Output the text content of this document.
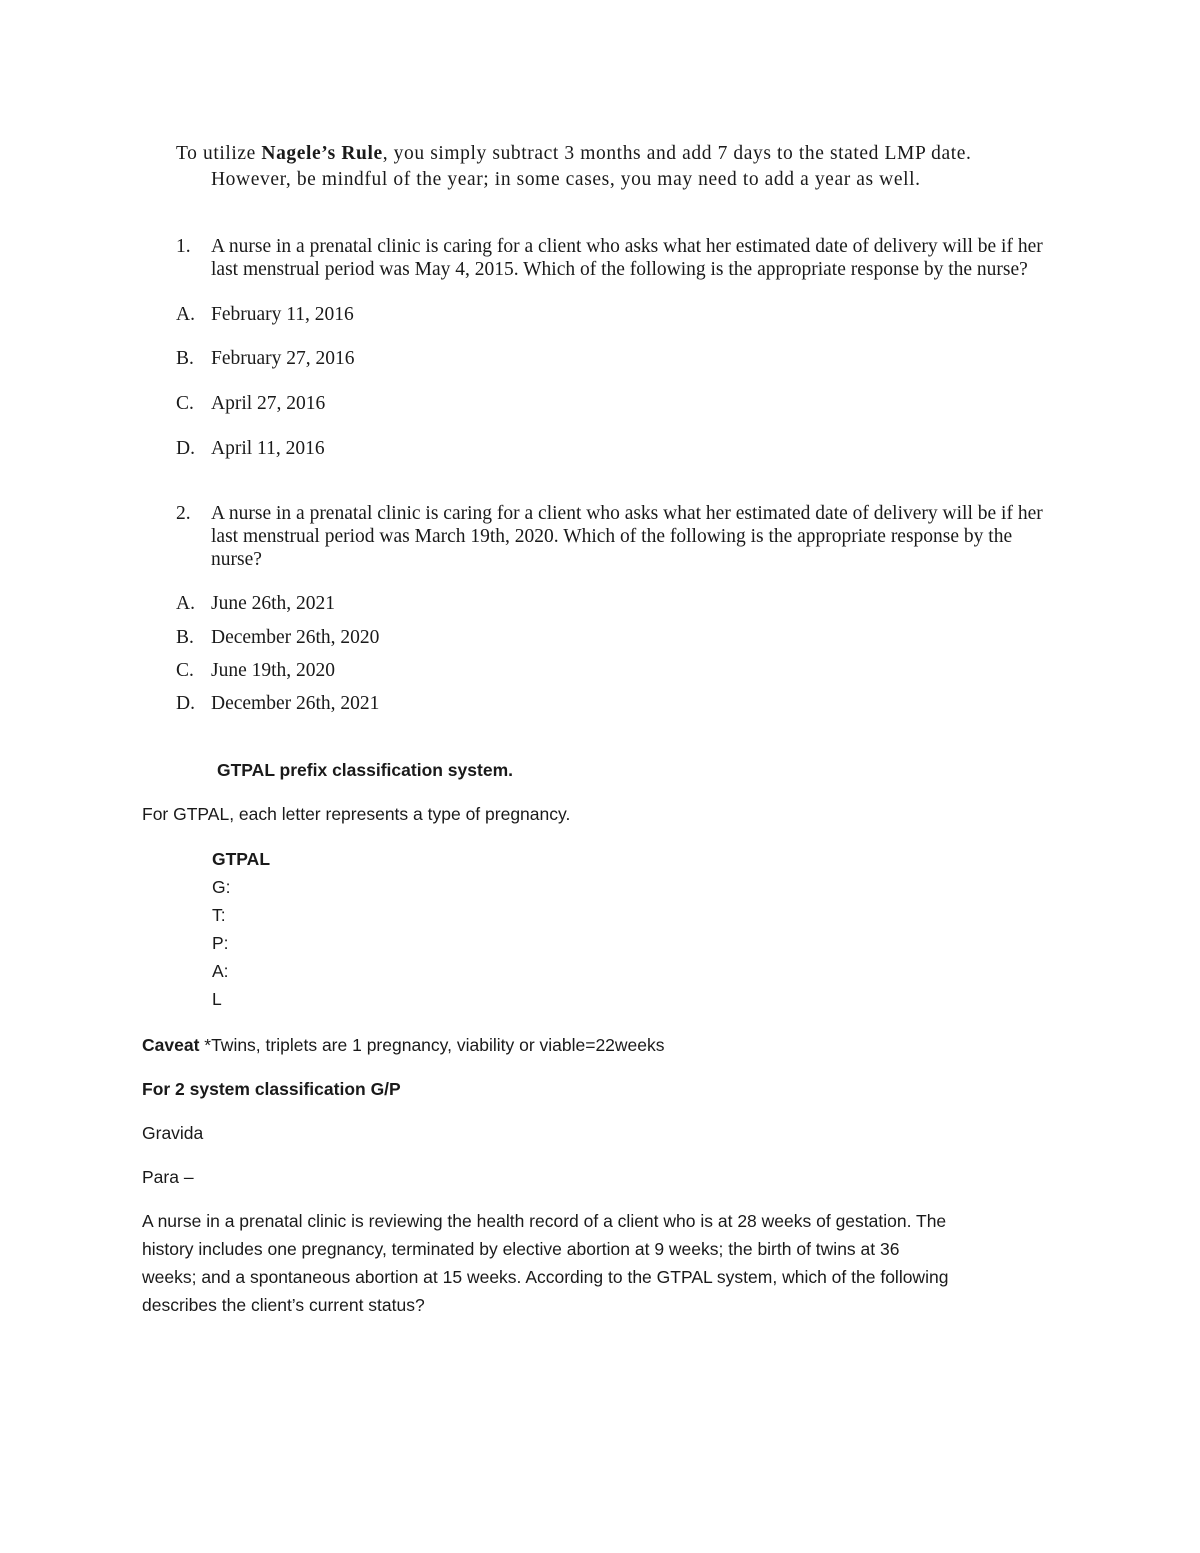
To utilize Nagele’s Rule, you simply subtract 3 months and add 7 days to the stated LMP date.
However, be mindful of the year; in some cases, you may need to add a year as well.
1. A nurse in a prenatal clinic is caring for a client who asks what her estimated date of delivery will be if her
last menstrual period was May 4, 2015. Which of the following is the appropriate response by the nurse?
A. February 11, 2016
B. February 27, 2016
C. April 27, 2016
D. April 11, 2016
2. A nurse in a prenatal clinic is caring for a client who asks what her estimated date of delivery will be if her
last menstrual period was March 19th, 2020. Which of the following is the appropriate response by the
nurse?
A. June 26th, 2021
B. December 26th, 2020
C. June 19th, 2020
D. December 26th, 2021
GTPAL prefix classification system.
For GTPAL, each letter represents a type of pregnancy.
GTPAL
G:
T:
P:
A:
L
Caveat *Twins, triplets are 1 pregnancy, viability or viable=22weeks
For 2 system classification G/P
Gravida
Para –
A nurse in a prenatal clinic is reviewing the health record of a client who is at 28 weeks of gestation. The
history includes one pregnancy, terminated by elective abortion at 9 weeks; the birth of twins at 36
weeks; and a spontaneous abortion at 15 weeks. According to the GTPAL system, which of the following
describes the client’s current status?
